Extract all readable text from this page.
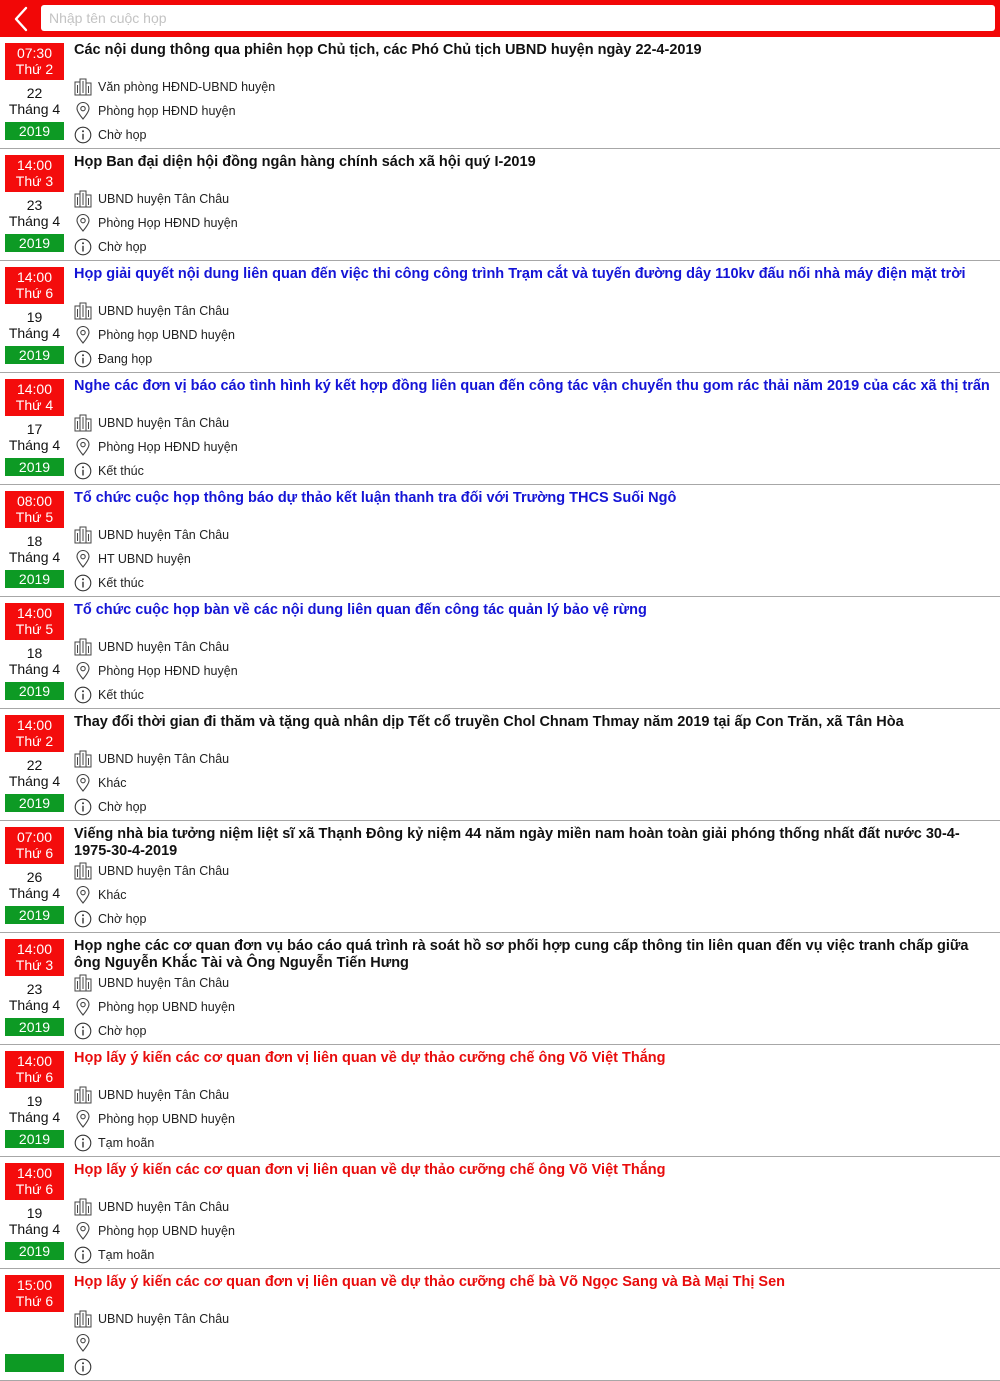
Nhập tên cuộc họp
07:30
Thứ 2
22
Tháng 4
2019
Các nội dung thông qua phiên họp Chủ tịch, các Phó Chủ tịch UBND huyện ngày 22-4-2019
Văn phòng HĐND-UBND huyện
Phòng họp HĐND huyện
Chờ họp
14:00
Thứ 3
23
Tháng 4
2019
Họp Ban đại diện hội đồng ngân hàng chính sách xã hội quý I-2019
UBND huyện Tân Châu
Phòng Họp HĐND huyện
Chờ họp
14:00
Thứ 6
19
Tháng 4
2019
Họp giải quyết nội dung liên quan đến việc thi công công trình Trạm cắt và tuyến đường dây 110kv đấu nối nhà máy điện mặt trời
UBND huyện Tân Châu
Phòng họp UBND huyện
Đang họp
14:00
Thứ 4
17
Tháng 4
2019
Nghe các đơn vị báo cáo tình hình ký kết hợp đồng liên quan đến công tác vận chuyển thu gom rác thải năm 2019 của các xã thị trấn
UBND huyện Tân Châu
Phòng Họp HĐND huyện
Kết thúc
08:00
Thứ 5
18
Tháng 4
2019
Tổ chức cuộc họp thông báo dự thảo kết luận thanh tra đối với Trường THCS Suối Ngô
UBND huyện Tân Châu
HT UBND huyện
Kết thúc
14:00
Thứ 5
18
Tháng 4
2019
Tổ chức cuộc họp bàn về các nội dung liên quan đến công tác quản lý bảo vệ rừng
UBND huyện Tân Châu
Phòng Họp HĐND huyện
Kết thúc
14:00
Thứ 2
22
Tháng 4
2019
Thay đổi thời gian đi thăm và tặng quà nhân dịp Tết cổ truyền Chol Chnam Thmay năm 2019 tại ấp Con Trăn, xã Tân Hòa
UBND huyện Tân Châu
Khác
Chờ họp
07:00
Thứ 6
26
Tháng 4
2019
Viếng nhà bia tưởng niệm liệt sĩ xã Thạnh Đông kỷ niệm 44 năm ngày miền nam hoàn toàn giải phóng thống nhất đất nước 30-4-1975-30-4-2019
UBND huyện Tân Châu
Khác
Chờ họp
14:00
Thứ 3
23
Tháng 4
2019
Họp nghe các cơ quan đơn vụ báo cáo quá trình rà soát hồ sơ phối hợp cung cấp thông tin liên quan đến vụ việc tranh chấp giữa ông Nguyễn Khắc Tài và Ông Nguyễn Tiến Hưng
UBND huyện Tân Châu
Phòng họp UBND huyện
Chờ họp
14:00
Thứ 6
19
Tháng 4
2019
Họp lấy ý kiến các cơ quan đơn vị liên quan về dự thảo cưỡng chế ông Võ Việt Thắng
UBND huyện Tân Châu
Phòng họp UBND huyện
Tạm hoãn
14:00
Thứ 6
19
Tháng 4
2019
Họp lấy ý kiến các cơ quan đơn vị liên quan về dự thảo cưỡng chế ông Võ Việt Thắng
UBND huyện Tân Châu
Phòng họp UBND huyện
Tạm hoãn
15:00
Thứ 6
Họp lấy ý kiến các cơ quan đơn vị liên quan về dự thảo cưỡng chế bà Võ Ngọc Sang và Bà Mại Thị Sen
UBND huyện Tân Châu
